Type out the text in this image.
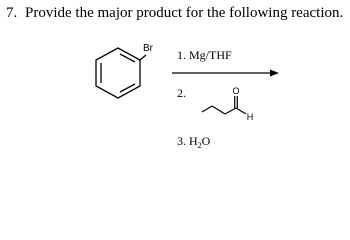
7. Provide the major product for the following reaction.
Br 1. Mg/THF
2.	O
H
3. $H_2O$
